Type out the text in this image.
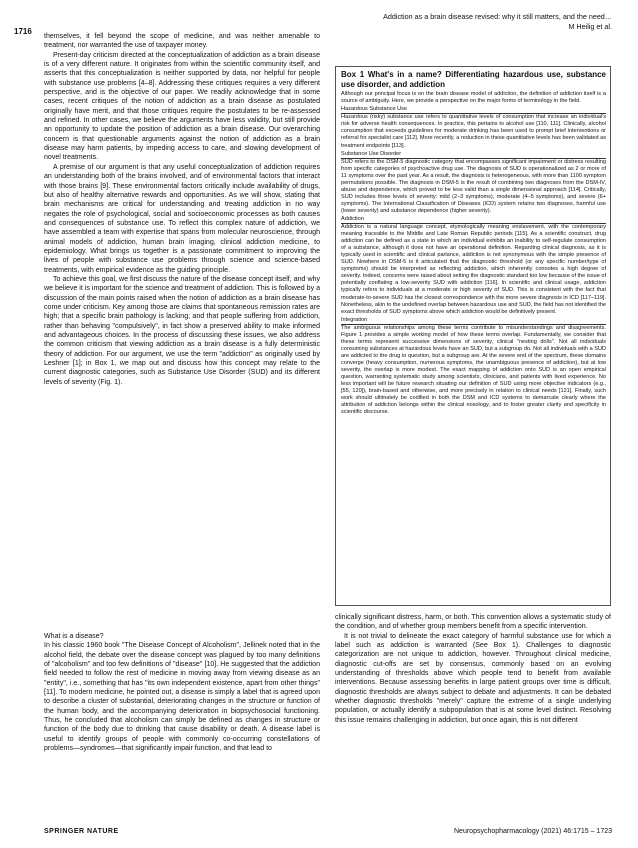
Addiction as a brain disease revised: why it still matters, and the need…
M Heilig et al.
1716

themselves, it fell beyond the scope of medicine, and was neither amenable to treatment, nor warranted the use of taxpayer money.

Present-day criticism directed at the conceptualization of addiction as a brain disease is of a very different nature. It originates from within the scientific community itself, and asserts that this conceptualization is neither supported by data, nor helpful for people with substance use problems [4–8]. Addressing these critiques requires a very different perspective, and is the objective of our paper. We readily acknowledge that in some cases, recent critiques of the notion of addiction as a brain disease as postulated originally have merit, and that those critiques require the postulates to be re-assessed and refined. In other cases, we believe the arguments have less validity, but still provide an opportunity to update the position of addiction as a brain disease. Our overarching concern is that questionable arguments against the notion of addiction as a brain disease may harm patients, by impeding access to care, and slowing development of novel treatments.

A premise of our argument is that any useful conceptualization of addiction requires an understanding both of the brains involved, and of environmental factors that interact with those brains [9]. These environmental factors critically include availability of drugs, but also of healthy alternative rewards and opportunities. As we will show, stating that brain mechanisms are critical for understanding and treating addiction in no way negates the role of psychological, social and socioeconomic processes as both causes and consequences of substance use. To reflect this complex nature of addiction, we have assembled a team with expertise that spans from molecular neuroscience, through animal models of addiction, human brain imaging, clinical addiction medicine, to epidemiology. What brings us together is a passionate commitment to improving the lives of people with substance use problems through science and science-based treatments, with empirical evidence as the guiding principle.

To achieve this goal, we first discuss the nature of the disease concept itself, and why we believe it is important for the science and treatment of addiction. This is followed by a discussion of the main points raised when the notion of addiction as a brain disease has come under criticism. Key among those are claims that spontaneous remission rates are high; that a specific brain pathology is lacking; and that people suffering from addiction, rather than behaving "compulsively", in fact show a preserved ability to make informed and advantageous choices. In the process of discussing these issues, we also address the common criticism that viewing addiction as a brain disease is a fully deterministic theory of addiction. For our argument, we use the term "addiction" as originally used by Leshner [1]; in Box 1, we map out and discuss how this concept may relate to the current diagnostic categories, such as Substance Use Disorder (SUD) and its different levels of severity (Fig. 1).

What is a disease?

In his classic 1960 book "The Disease Concept of Alcoholism", Jellinek noted that in the alcohol field, the debate over the disease concept was plagued by too many definitions of "alcoholism" and too few definitions of "disease" [10]. He suggested that the addiction field needed to follow the rest of medicine in moving away from viewing disease as an "entity", i.e., something that has "its own independent existence, apart from other things" [11]. To modern medicine, he pointed out, a disease is simply a label that is agreed upon to describe a cluster of substantial, deteriorating changes in the structure or function of the human body, and the accompanying deterioration in biopsychosocial functioning. Thus, he concluded that alcoholism can simply be defined as changes in structure or function of the body due to drinking that cause disability or death. A disease label is useful to identify groups of people with commonly co-occurring constellations of problems—syndromes—that significantly impair function, and that lead to

Box 1 What's in a name? Differentiating hazardous use, substance use disorder, and addiction

Although our principal focus is on the brain disease model of addiction, the definition of addiction itself is a source of ambiguity. Here, we provide a perspective on the major forms of terminology in the field.

Hazardous Substance Use

Hazardous (risky) substance use refers to quantitative levels of consumption that increase an individual's risk for adverse health consequences. In practice, this pertains to alcohol use [110, 111]. Clinically, alcohol consumption that exceeds guidelines for moderate drinking has been used to prompt brief interventions or referral for specialist care [112]. More recently, a reduction in these quantitative levels has been validated as treatment endpoints [113].

Substance Use Disorder

SUD refers to the DSM-5 diagnostic category that encompasses significant impairment or distress resulting from specific categories of psychoactive drug use. The diagnosis of SUD is operationalized as 2 or more of 11 symptoms over the past year. As a result, the diagnosis is heterogeneous, with more than 1100 symptom permutations possible. The diagnosis in DSM-5 is the result of combining two diagnoses from the DSM-IV, abuse and dependence, which proved to be less valid than a single dimensional approach [114]. Critically, SUD includes three levels of severity: mild (2–3 symptoms), moderate (4–5 symptoms), and severe (6+ symptoms). The International Classification of Diseases (ICD) system retains two diagnoses, harmful use (lower severity) and substance dependence (higher severity).

Addiction

Addiction is a natural language concept, etymologically meaning enslavement, with the contemporary meaning traceable to the Middle and Late Roman Republic periods [115]. As a scientific construct, drug addiction can be defined as a state in which an individual exhibits an inability to self-regulate consumption of a substance, although it does not have an operational definition. Regarding clinical diagnosis, as it is typically used in scientific and clinical parlance, addiction is not synonymous with the simple presence of SUD. Nowhere in DSM-5 is it articulated that the diagnostic threshold (or any specific number/type of symptoms) should be interpreted as reflecting addiction, which inherently connotes a high degree of severity. Indeed, concerns were raised about setting the diagnostic standard too low because of the issue of potentially conflating a low-severity SUD with addiction [116]. In scientific and clinical usage, addiction typically refers to individuals at a moderate or high severity of SUD. This is consistent with the fact that moderate-to-severe SUD has the closest correspondence with the more severe diagnosis in ICD [117–119]. Nonetheless, akin to the undefined overlap between hazardous use and SUD, the field has not identified the exact thresholds of SUD symptoms above which addiction would be definitively present.

Integration

The ambiguous relationships among these terms contribute to misunderstandings and disagreements. Figure 1 provides a simple working model of how these terms overlap. Fundamentally, we consider that these terms represent successive dimensions of severity, clinical "nesting dolls". Not all individuals consuming substances at hazardous levels have an SUD, but a subgroup do. Not all individuals with a SUD are addicted to the drug in question, but a subgroup are. At the severe end of the spectrum, these domains converge (heavy consumption, numerous symptoms, the unambiguous presence of addiction), but at low severity, the overlap is more modest. The exact mapping of addiction onto SUD is an open empirical question, warranting systematic study among scientists, clinicians, and patients with lived experience. No less important will be future research situating our definition of SUD using more objective indicators (e.g., [55, 120]), brain-based and otherwise, and more precisely in relation to clinical needs [121]. Finally, such work should ultimately be codified in both the DSM and ICD systems to demarcate clearly where the attribution of addiction belongs within the clinical nosology, and to foster greater clarity and specificity in scientific discourse.

clinically significant distress, harm, or both. This convention allows a systematic study of the condition, and of whether group members benefit from a specific intervention.

It is not trivial to delineate the exact category of harmful substance use for which a label such as addiction is warranted (See Box 1). Challenges to diagnostic categorization are not unique to addiction, however. Throughout clinical medicine, diagnostic cut-offs are set by consensus, commonly based on an evolving understanding of thresholds above which people tend to benefit from available interventions. Because assessing benefits in large patient groups over time is difficult, diagnostic thresholds are always subject to debate and adjustments. It can be debated whether diagnostic thresholds "merely" capture the extreme of a single underlying population, or actually identify a subpopulation that is at some level distinct. Resolving this issue remains challenging in addiction, but once again, this is not different

SPRINGER NATURE	Neuropsychopharmacology (2021) 46:1715 – 1723
